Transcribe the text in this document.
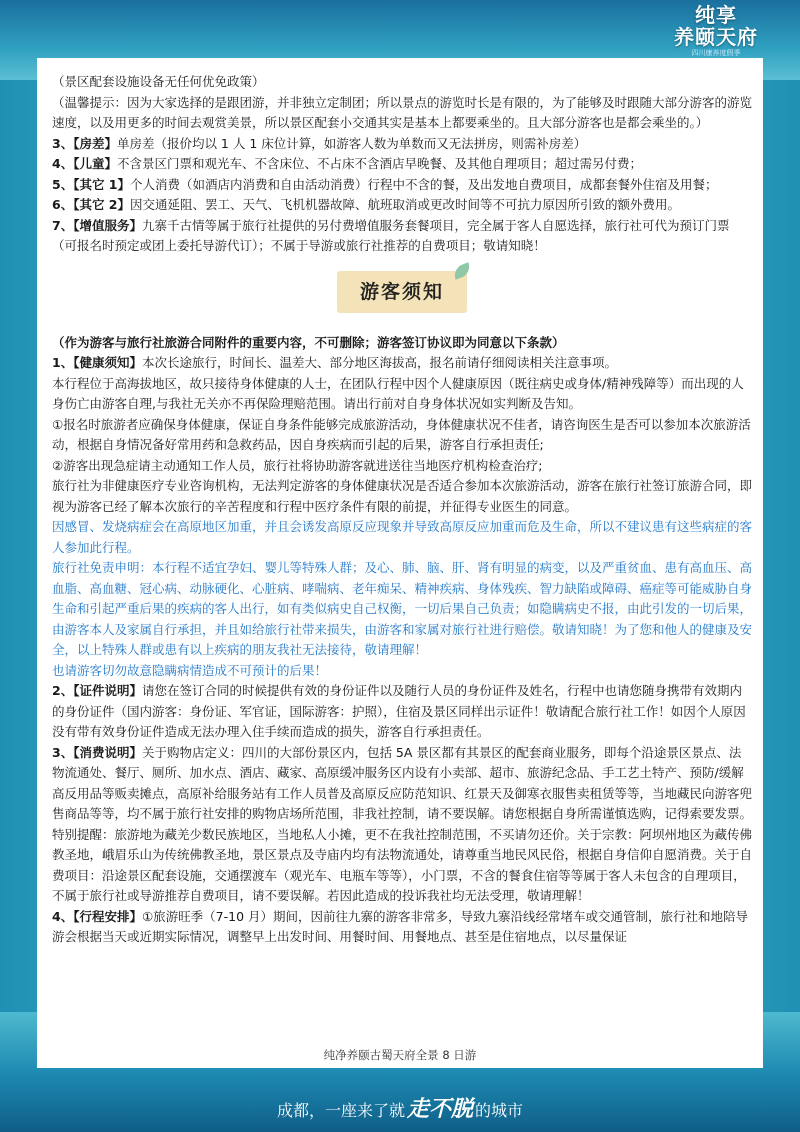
纯享
养颐天府
四川康养度假季

（景区配套设施设备无任何优免政策）

（温馨提示：因为大家选择的是跟团游，并非独立定制团；所以景点的游览时长是有限的，为了能够及时跟随大部分游客的游览速度，以及用更多的时间去观赏美景，所以景区配套小交通其实是基本上都要乘坐的。且大部分游客也是都会乘坐的。）

3、【房差】单房差（报价均以 1 人 1 床位计算，如游客人数为单数而又无法拼房，则需补房差）

4、【儿童】不含景区门票和观光车、不含床位、不占床不含酒店早晚餐、及其他自理项目；超过需另付费；

5、【其它 1】个人消费（如酒店内消费和自由活动消费）行程中不含的餐，及出发地自费项目，成都套餐外住宿及用餐；

6、【其它 2】因交通延阻、罢工、天气、飞机机器故障、航班取消或更改时间等不可抗力原因所引致的额外费用。

7、【增值服务】九寨千古情等属于旅行社提供的另付费增值服务套餐项目，完全属于客人自愿选择，旅行社可代为预订门票（可报名时预定或团上委托导游代订）；不属于导游或旅行社推荐的自费项目；敬请知晓！

游客须知

（作为游客与旅行社旅游合同附件的重要内容，不可删除；游客签订协议即为同意以下条款）

1、【健康须知】本次长途旅行，时间长、温差大、部分地区海拔高，报名前请仔细阅读相关注意事项。

本行程位于高海拔地区，故只接待身体健康的人士，在团队行程中因个人健康原因（既往病史或身体/精神残障等）而出现的人身伤亡由游客自理,与我社无关亦不再保险理赔范围。请出行前对自身身体状况如实判断及告知。

①报名时旅游者应确保身体健康，保证自身条件能够完成旅游活动，身体健康状况不佳者，请咨询医生是否可以参加本次旅游活动，根据自身情况备好常用药和急救药品，因自身疾病而引起的后果，游客自行承担责任;

②游客出现急症请主动通知工作人员，旅行社将协助游客就进送往当地医疗机构检查治疗;

旅行社为非健康医疗专业咨询机构，无法判定游客的身体健康状况是否适合参加本次旅游活动，游客在旅行社签订旅游合同，即视为游客已经了解本次旅行的辛苦程度和行程中医疗条件有限的前提，并征得专业医生的同意。

因感冒、发烧病症会在高原地区加重，并且会诱发高原反应现象并导致高原反应加重而危及生命，所以不建议患有这些病症的客人参加此行程。

旅行社免责申明：本行程不适宜孕妇、婴儿等特殊人群；及心、肺、脑、肝、肾有明显的病变，以及严重贫血、患有高血压、高血脂、高血糖、冠心病、动脉硬化、心脏病、哮喘病、老年痴呆、精神疾病、身体残疾、智力缺陷或障碍、癌症等可能威胁自身生命和引起严重后果的疾病的客人出行，如有类似病史自己权衡，一切后果自己负责；如隐瞒病史不报，由此引发的一切后果，由游客本人及家属自行承担，并且如给旅行社带来损失，由游客和家属对旅行社进行赔偿。敬请知晓！为了您和他人的健康及安全，以上特殊人群或患有以上疾病的朋友我社无法接待，敬请理解！

也请游客切勿故意隐瞒病情造成不可预计的后果！

2、【证件说明】请您在签订合同的时候提供有效的身份证件以及随行人员的身份证件及姓名，行程中也请您随身携带有效期内的身份证件（国内游客：身份证、军官证，国际游客：护照），住宿及景区同样出示证件！敬请配合旅行社工作！如因个人原因没有带有效身份证件造成无法办理入住手续而造成的损失，游客自行承担责任。

3、【消费说明】关于购物店定义：四川的大部份景区内，包括 5A 景区都有其景区的配套商业服务，即每个沿途景区景点、法物流通处、餐厅、厕所、加水点、酒店、藏家、高原缓冲服务区内设有小卖部、超市、旅游纪念品、手工艺土特产、预防/缓解高反用品等贩卖摊点，高原补给服务站有工作人员普及高原反应防范知识、红景天及御寒衣服售卖租赁等等，当地藏民向游客兜售商品等等，均不属于旅行社安排的购物店场所范围，非我社控制，请不要误解。请您根据自身所需谨慎选购，记得索要发票。特别提醒：旅游地为藏羌少数民族地区，当地私人小摊，更不在我社控制范围，不买请勿还价。关于宗教：阿坝州地区为藏传佛教圣地，峨眉乐山为传统佛教圣地，景区景点及寺庙内均有法物流通处，请尊重当地民风民俗，根据自身信仰自愿消费。关于自费项目：沿途景区配套设施，交通摆渡车（观光车、电瓶车等等），小门票，不含的餐食住宿等等属于客人未包含的自理项目，不属于旅行社或导游推荐自费项目，请不要误解。若因此造成的投诉我社均无法受理，敬请理解！

4、【行程安排】①旅游旺季（7-10 月）期间，因前往九寨的游客非常多，导致九寨沿线经常堵车或交通管制，旅行社和地陪导游会根据当天或近期实际情况，调整早上出发时间、用餐时间、用餐地点、甚至是住宿地点，以尽量保证

纯净养颐古蜀天府全景 8 日游
成都，一座来了就走不脱 的城市
